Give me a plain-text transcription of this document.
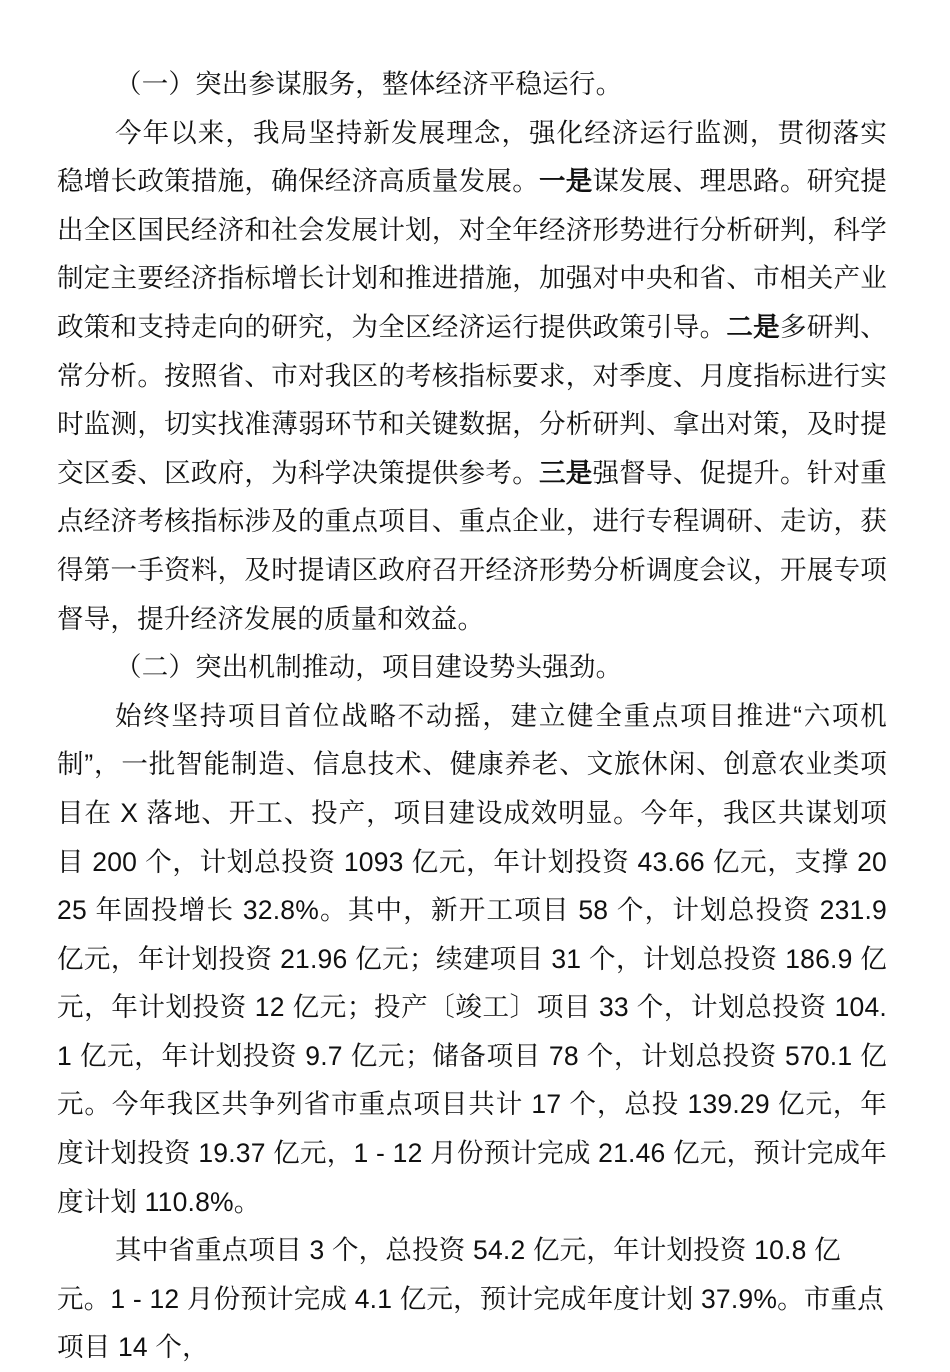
（一）突出参谋服务，整体经济平稳运行。

今年以来，我局坚持新发展理念，强化经济运行监测，贯彻落实稳增长政策措施，确保经济高质量发展。一是谋发展、理思路。研究提出全区国民经济和社会发展计划，对全年经济形势进行分析研判，科学制定主要经济指标增长计划和推进措施，加强对中央和省、市相关产业政策和支持走向的研究，为全区经济运行提供政策引导。二是多研判、常分析。按照省、市对我区的考核指标要求，对季度、月度指标进行实时监测，切实找准薄弱环节和关键数据，分析研判、拿出对策，及时提交区委、区政府，为科学决策提供参考。三是强督导、促提升。针对重点经济考核指标涉及的重点项目、重点企业，进行专程调研、走访，获得第一手资料，及时提请区政府召开经济形势分析调度会议，开展专项督导，提升经济发展的质量和效益。

（二）突出机制推动，项目建设势头强劲。

始终坚持项目首位战略不动摇，建立健全重点项目推进“六项机制”，一批智能制造、信息技术、健康养老、文旅休闲、创意农业类项目在 X 落地、开工、投产，项目建设成效明显。今年，我区共谋划项目 200 个，计划总投资 1093 亿元，年计划投资 43.66 亿元，支撑 2025 年固投增长 32.8%。其中，新开工项目 58 个，计划总投资 231.9 亿元，年计划投资 21.96 亿元；续建项目 31 个，计划总投资 186.9 亿元，年计划投资 12 亿元；投产〔竣工〕项目 33 个，计划总投资 104.1 亿元，年计划投资 9.7 亿元；储备项目 78 个，计划总投资 570.1 亿元。今年我区共争列省市重点项目共计 17 个，总投 139.29 亿元，年度计划投资 19.37 亿元，1 - 12 月份预计完成 21.46 亿元，预计完成年度计划 110.8%。

其中省重点项目 3 个，总投资 54.2 亿元，年计划投资 10.8 亿元。1 - 12 月份预计完成 4.1 亿元，预计完成年度计划 37.9%。市重点项目 14 个，
